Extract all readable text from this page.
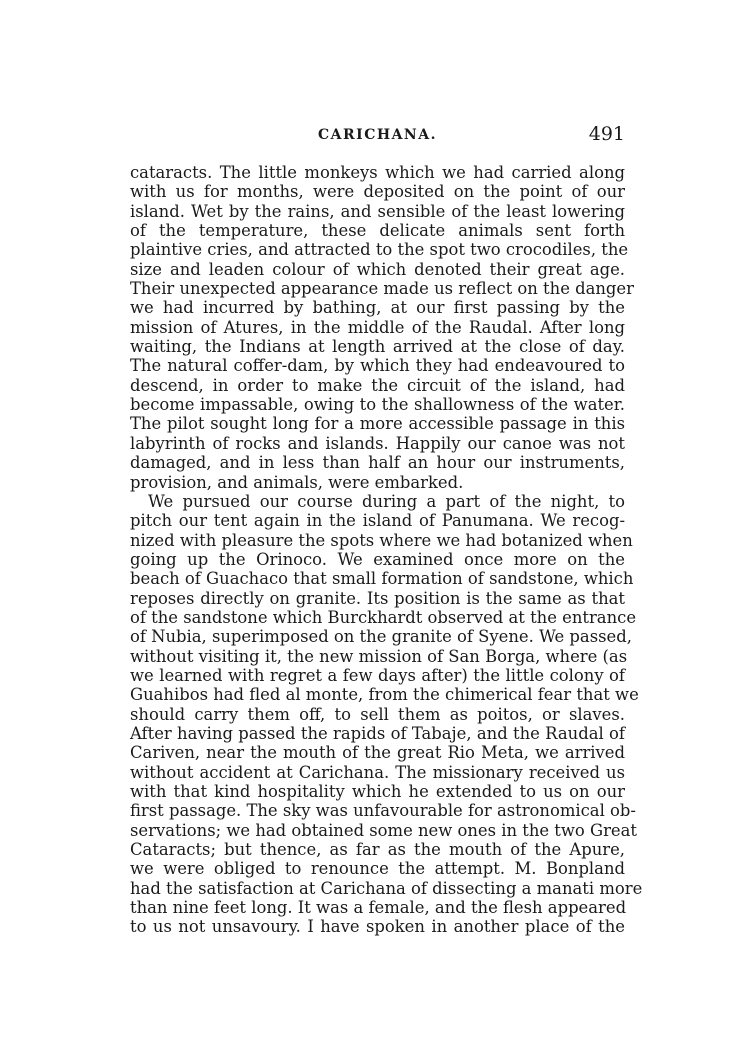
CARICHANA.	491
cataracts. The little monkeys which we had carried along
with us for months, were deposited on the point of our
island. Wet by the rains, and sensible of the least lowering
of the temperature, these delicate animals sent forth
plaintive cries, and attracted to the spot two crocodiles, the
size and leaden colour of which denoted their great age.
Their unexpected appearance made us reflect on the danger
we had incurred by bathing, at our first passing by the
mission of Atures, in the middle of the Raudal. After long
waiting, the Indians at length arrived at the close of day.
The natural coffer-dam, by which they had endeavoured to
descend, in order to make the circuit of the island, had
become impassable, owing to the shallowness of the water.
The pilot sought long for a more accessible passage in this
labyrinth of rocks and islands. Happily our canoe was not
damaged, and in less than half an hour our instruments,
provision, and animals, were embarked.
We pursued our course during a part of the night, to
pitch our tent again in the island of Panumana. We recog-
nized with pleasure the spots where we had botanized when
going up the Orinoco. We examined once more on the
beach of Guachaco that small formation of sandstone, which
reposes directly on granite. Its position is the same as that
of the sandstone which Burckhardt observed at the entrance
of Nubia, superimposed on the granite of Syene. We passed,
without visiting it, the new mission of San Borga, where (as
we learned with regret a few days after) the little colony of
Guahibos had fled al monte, from the chimerical fear that we
should carry them off, to sell them as poitos, or slaves.
After having passed the rapids of Tabaje, and the Raudal of
Cariven, near the mouth of the great Rio Meta, we arrived
without accident at Carichana. The missionary received us
with that kind hospitality which he extended to us on our
first passage. The sky was unfavourable for astronomical ob-
servations; we had obtained some new ones in the two Great
Cataracts; but thence, as far as the mouth of the Apure,
we were obliged to renounce the attempt. M. Bonpland
had the satisfaction at Carichana of dissecting a manati more
than nine feet long. It was a female, and the flesh appeared
to us not unsavoury. I have spoken in another place of the
